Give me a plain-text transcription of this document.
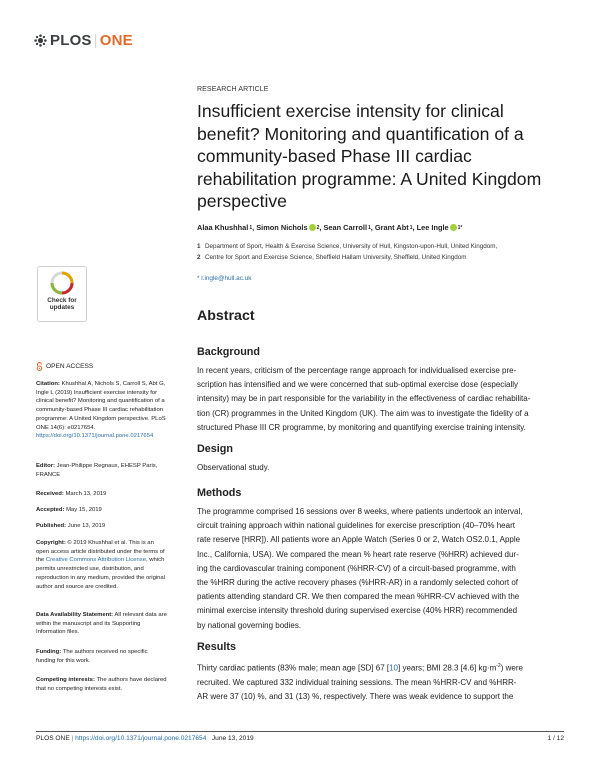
PLOS | ONE
RESEARCH ARTICLE
Insufficient exercise intensity for clinical benefit? Monitoring and quantification of a community-based Phase III cardiac rehabilitation programme: A United Kingdom perspective
Alaa Khushhal 1 , Simon Nichols 2 , Sean Carroll 1 , Grant Abt 1 , Lee Ingle 1*
1 Department of Sport, Health & Exercise Science, University of Hull, Kingston-upon-Hull, United Kingdom,
2 Centre for Sport and Exercise Science, Sheffield Hallam University, Sheffield, United Kingdom
* l.ingle@hull.ac.uk
Abstract
Background
In recent years, criticism of the percentage range approach for individualised exercise pre-
scription has intensified and we were concerned that sub-optimal exercise dose (especially
intensity) may be in part responsible for the variability in the effectiveness of cardiac rehabilita-
tion (CR) programmes in the United Kingdom (UK). The aim was to investigate the fidelity of a
structured Phase III CR programme, by monitoring and quantifying exercise training intensity.
Design
Observational study.
Methods
The programme comprised 16 sessions over 8 weeks, where patients undertook an interval,
circuit training approach within national guidelines for exercise prescription (40–70% heart
rate reserve [HRR]). All patients wore an Apple Watch (Series 0 or 2, Watch OS2.0.1, Apple
Inc., California, USA). We compared the mean % heart rate reserve (%HRR) achieved dur-
ing the cardiovascular training component (%HRR-CV) of a circuit-based programme, with
the %HRR during the active recovery phases (%HRR-AR) in a randomly selected cohort of
patients attending standard CR. We then compared the mean %HRR-CV achieved with the
minimal exercise intensity threshold during supervised exercise (40% HRR) recommended
by national governing bodies.
Results
Thirty cardiac patients (83% male; mean age [SD] 67 [10] years; BMI 28.3 [4.6] $kg\cdot m^{-2}$) were
recruited. We captured 332 individual training sessions. The mean %HRR-CV and %HRR-
AR were 37 (10) %, and 31 (13) %, respectively. There was weak evidence to support the
Check for updates
OPEN ACCESS
Citation: Khushhal A, Nichols S, Carroll S, Abt G, Ingle L (2019) Insufficient exercise intensity for clinical benefit? Monitoring and quantification of a community-based Phase III cardiac rehabilitation programme: A United Kingdom perspective. PLoS ONE 14(6): e0217654. https://doi.org/10.1371/journal.pone.0217654
Editor: Jean-Philippe Regnaux, EHESP Paris, FRANCE
Received: March 13, 2019
Accepted: May 15, 2019
Published: June 13, 2019
Copyright: © 2019 Khushhal et al. This is an open access article distributed under the terms of the Creative Commons Attribution License, which permits unrestricted use, distribution, and reproduction in any medium, provided the original author and source are credited.
Data Availability Statement: All relevant data are within the manuscript and its Supporting Information files.
Funding: The authors received no specific funding for this work.
Competing interests: The authors have declared that no competing interests exist.
PLOS ONE | https://doi.org/10.1371/journal.pone.0217654 June 13, 2019	1 / 12
